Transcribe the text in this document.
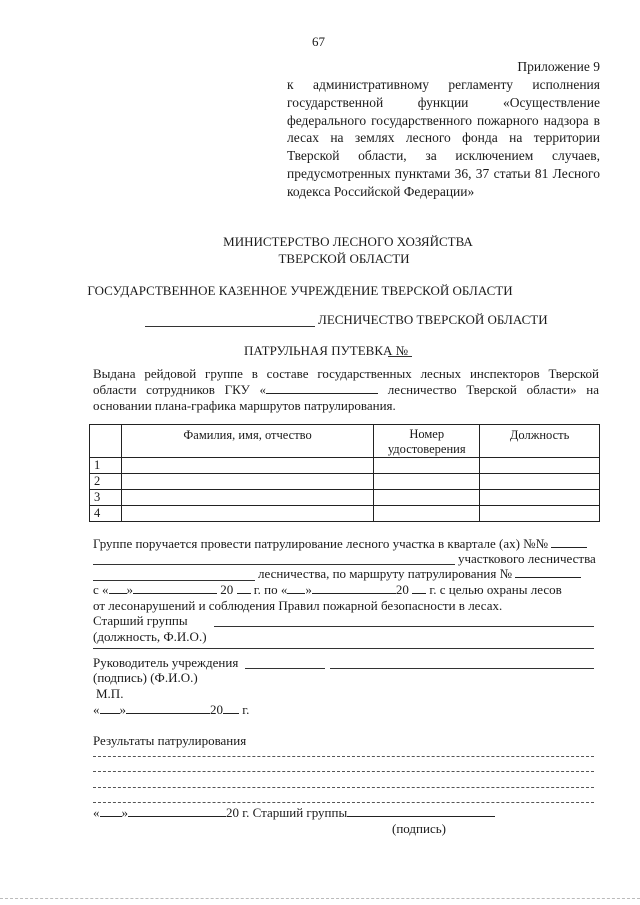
67
Приложение 9
к административному регламенту исполнения государственной функции «Осуществление федерального государственного пожарного надзора в лесах на землях лесного фонда на территории Тверской области, за исключением случаев, предусмотренных пунктами 36, 37 статьи 81 Лесного кодекса Российской Федерации»
МИНИСТЕРСТВО ЛЕСНОГО ХОЗЯЙСТВА
ТВЕРСКОЙ ОБЛАСТИ
ГОСУДАРСТВЕННОЕ КАЗЕННОЕ УЧРЕЖДЕНИЕ ТВЕРСКОЙ ОБЛАСТИ
ЛЕСНИЧЕСТВО ТВЕРСКОЙ ОБЛАСТИ
ПАТРУЛЬНАЯ ПУТЕВКА №
Выдана рейдовой группе в составе государственных лесных инспекторов Тверской области сотрудников ГКУ «	лесничество Тверской области» на основании плана-графика маршрутов патрулирования.
	Фамилия, имя, отчество	Номер удостоверения	Должность
1			
2			
3			
4			
Группе поручается провести патрулирование лесного участка в квартале (ах) №№
участкового лесничества
лесничества, по маршруту патрулирования №
с « »	20 г. по « »	20 г. с целью охраны лесов
от лесонарушений и соблюдения Правил пожарной безопасности в лесах.
Старший группы
(должность, Ф.И.О.)
Руководитель учреждения
(подпись) (Ф.И.О.)
М.П.
« »	20 г.
Результаты патрулирования
« »	20 г. Старший группы
(подпись)
